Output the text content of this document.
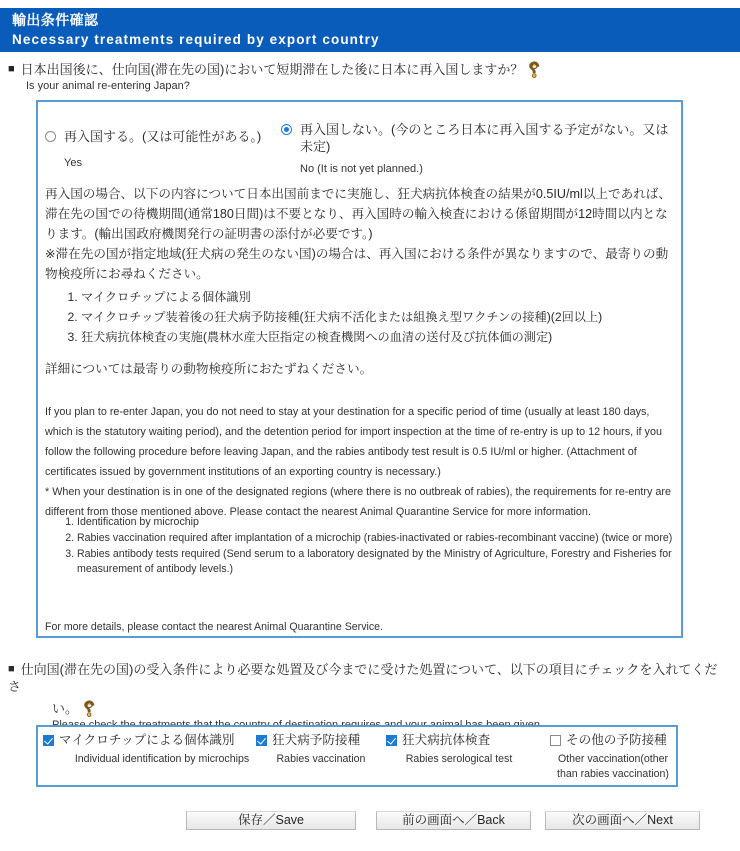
輸出条件確認
Necessary treatments required by export country
■ 日本出国後に、仕向国(滞在先の国)において短期滞在した後に日本に再入国しますか？
Is your animal re-entering Japan?
再入国する。(又は可能性がある。)
Yes
再入国しない。(今のところ日本に再入国する予定がない。又は未定)
No (It is not yet planned.)
再入国の場合、以下の内容について日本出国前までに実施し、狂犬病抗体検査の結果が0.5IU/ml以上であれば、滞在先の国での待機期間(通常180日間)は不要となり、再入国時の輸入検査における係留期間が12時間以内となります。(輸出国政府機関発行の証明書の添付が必要です。)
※滞在先の国が指定地域(狂犬病の発生のない国)の場合は、再入国における条件が異なりますので、最寄りの動物検疫所にお尋ねください。
1. マイクロチップによる個体識別
2. マイクロチップ装着後の狂犬病予防接種(狂犬病不活化または組換え型ワクチンの接種)(2回以上)
3. 狂犬病抗体検査の実施(農林水産大臣指定の検査機関への血清の送付及び抗体価の測定)
詳細については最寄りの動物検疫所におたずねください。
If you plan to re-enter Japan, you do not need to stay at your destination for a specific period of time (usually at least 180 days, which is the statutory waiting period), and the detention period for import inspection at the time of re-entry is up to 12 hours, if you follow the following procedure before leaving Japan, and the rabies antibody test result is 0.5 IU/ml or higher. (Attachment of certificates issued by government institutions of an exporting country is necessary.)
* When your destination is in one of the designated regions (where there is no outbreak of rabies), the requirements for re-entry are different from those mentioned above. Please contact the nearest Animal Quarantine Service for more information.
1. Identification by microchip
2. Rabies vaccination required after implantation of a microchip (rabies-inactivated or rabies-recombinant vaccine) (twice or more)
3. Rabies antibody tests required (Send serum to a laboratory designated by the Ministry of Agriculture, Forestry and Fisheries for measurement of antibody levels.)
For more details, please contact the nearest Animal Quarantine Service.
■ 仕向国(滞在先の国)の受入条件により必要な処置及び今までに受けた処置について、以下の項目にチェックを入れてくだ
さ
い。
マイクロチップによる個体識別
Individual identification by microchips
狂犬病予防接種
Rabies vaccination
狂犬病抗体検査
Rabies serological test
その他の予防接種
Other vaccination(other than rabies vaccination)
保存／Save	前の画面へ／Back	次の画面へ／Next
